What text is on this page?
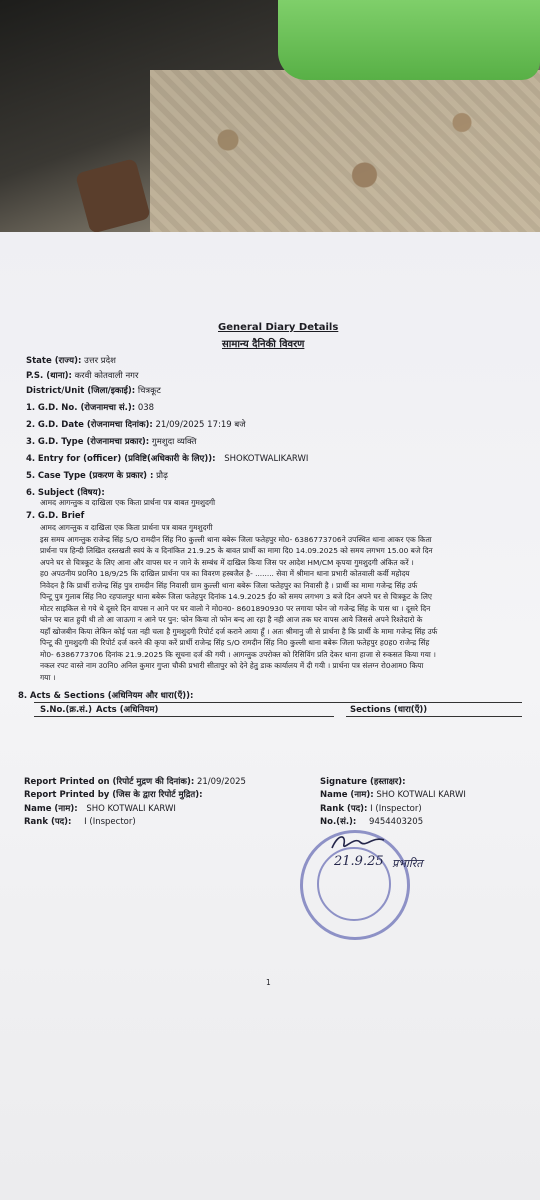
General Diary Details
सामान्य दैनिकी विवरण
State (राज्य): उत्तर प्रदेश
P.S. (थाना): करवी कोतवाली नगर
District/Unit (जिला/इकाई): चित्रकूट
1. G.D. No. (रोजनामचा सं.): 038
2. G.D. Date (रोजनामचा दिनांक): 21/09/2025 17:19 बजे
3. G.D. Type (रोजनामचा प्रकार): गुमशुदा व्यक्ति
4. Entry for (officer) (प्रविष्टि(अधिकारी के लिए)): SHOKOTWALIKARWI
5. Case Type (प्रकरण के प्रकार) : प्रौढ़
6. Subject (विषय):
आमद आगन्तुक व दाखिला एक किता प्रार्थना पत्र बाबत गुमशुदगी
7. G.D. Brief

आमद आगन्तुक व दाखिला एक किता प्रार्थना पत्र बाबत गुमशुदगी

इस समय आगन्तुक राजेन्द्र सिंह S/O रामदीन सिंह नि0 कुल्ली थाना बबेरू जिला फतेहपुर मो0- 6386773706ने उपस्थित थाना आकर एक किता

प्रार्थना पत्र हिन्दी लिखित दस्तखती स्वयं के व दिनांकित 21.9.25 के बावत प्रार्थी का मामा दि0 14.09.2025 को समय लगभग 15.00 बजे दिन

अपने घर से चित्रकूट के लिए आना और वापस घर न जाने के सम्बंध में दाखिल किया जिस पर आदेश HM/CM कृपया गुमशुदगी अंकित करें ।

ह0 अपठनीय प्र0नि0 18/9/25 कि दाखिल प्रार्थना पत्र का विवरण हस्बजैल है- ........ सेवा में श्रीमान थाना प्रभारी कोतवाली कर्वी महोदय

निवेदन है कि प्रार्थी राजेन्द्र सिंह पुत्र रामदीन सिंह निवासी ग्राम कुल्ली थाना बबेरू जिला फतेहपुर का निवासी है । प्रार्थी का मामा गजेन्द्र सिंह उर्फ

पिन्टू पुत्र गुलाब सिंह नि0 रहपालपुर थाना बबेरू जिला फतेहपुर दिनांक 14.9.2025 ई0 को समय लगभग 3 बजे दिन अपने घर से चित्रकूट के लिए

मोटर साइकिल से गये थे दूसरे दिन वापस न आने पर घर वालो ने मो0न0- 8601890930 पर लगाया फोन जो गजेन्द्र सिंह के पास था । दूसरे दिन

फोन पर बात हुयी थी तो आ जाऊगा न आने पर पुन: फोन किया तो फोन बन्द आ रहा है नही आज तक घर वापस आये जिससे अपने रिश्तेदारो के

यहाँ खोजबीन किया लेकिन कोई पता नही चला है गुमशुदगी रिपोर्ट दर्ज कराने आया हूँ । अतः श्रीमानु जी से प्रार्थना है कि प्रार्थी के मामा गजेन्द्र सिंह उर्फ

पिन्टू की गुमशुदगी की रिपोर्ट दर्ज करने की कृपा करें प्रार्थी राजेन्द्र सिंह S/O रामदीन सिंह नि0 कुल्ली थाना बबेरू जिला फतेहपुर ह0ह0 राजेन्द्र सिंह

मो0- 6386773706 दिनांक 21.9.2025 कि सूचना दर्ज की गयी । आगन्तुक उपरोक्त को रिसिविंग प्रति देकर थाना हाजा से रुकसत किया गया ।

नकल रपट वास्ते नाम उ0नि0 अनिल कुमार गुप्ता चौकी प्रभारी सीतापुर को देने हेतु डाक कार्यालय में दी गयी । प्रार्थना पत्र संलग्न रो0आम0 किया

गया ।

8. Acts & Sections (अधिनियम और धारा(एँ)):
S.No.(क्र.सं.) Acts (अधिनियम)	Sections (धारा(एँ))
Report Printed on (रिपोर्ट मुद्रण की दिनांक): 21/09/2025
Report Printed by (जिस के द्वारा रिपोर्ट मुद्रित):
Name (नाम): SHO KOTWALI KARWI
Rank (पद): I (Inspector)
Signature (हस्ताक्षर):
Name (नाम): SHO KOTWALI KARWI
Rank (पद): I (Inspector)
No.(सं.): 9454403205
21.9.25 प्रभारित
1
